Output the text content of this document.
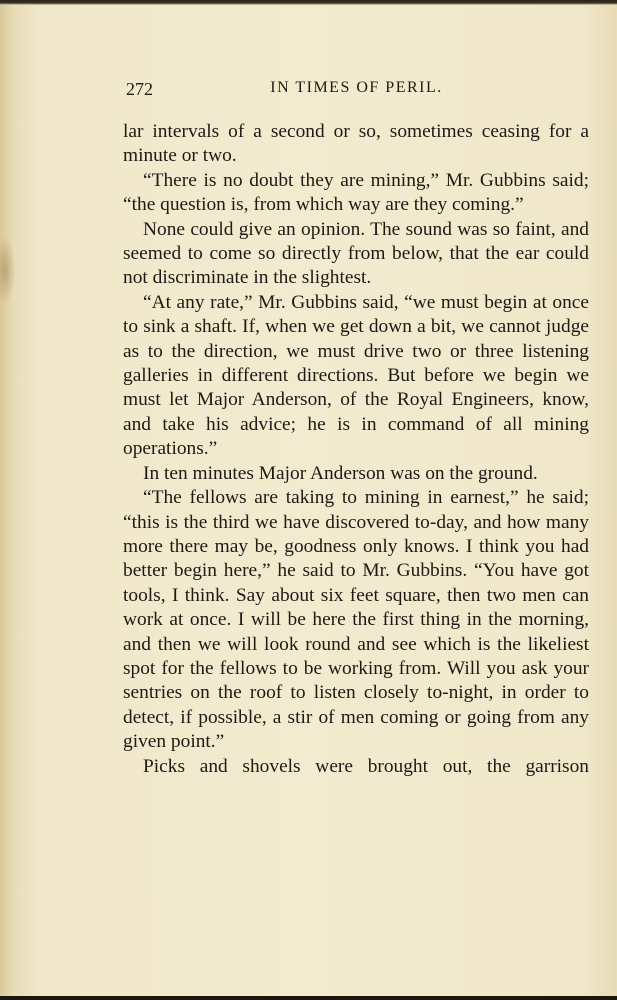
272	IN TIMES OF PERIL.

lar intervals of a second or so, sometimes ceasing for a minute or two.

“There is no doubt they are mining,” Mr. Gubbins said; “the question is, from which way are they coming.”

None could give an opinion. The sound was so faint, and seemed to come so directly from below, that the ear could not discriminate in the slightest.

“At any rate,” Mr. Gubbins said, “we must begin at once to sink a shaft. If, when we get down a bit, we cannot judge as to the direction, we must drive two or three listening galleries in different directions. But before we begin we must let Major Anderson, of the Royal Engineers, know, and take his advice; he is in command of all mining operations.”

In ten minutes Major Anderson was on the ground.

“The fellows are taking to mining in earnest,” he said; “this is the third we have discovered to-day, and how many more there may be, goodness only knows. I think you had better begin here,” he said to Mr. Gubbins. “You have got tools, I think. Say about six feet square, then two men can work at once. I will be here the first thing in the morning, and then we will look round and see which is the likeliest spot for the fellows to be working from. Will you ask your sentries on the roof to listen closely to-night, in order to detect, if possible, a stir of men coming or going from any given point.”

Picks and shovels were brought out, the garrison
